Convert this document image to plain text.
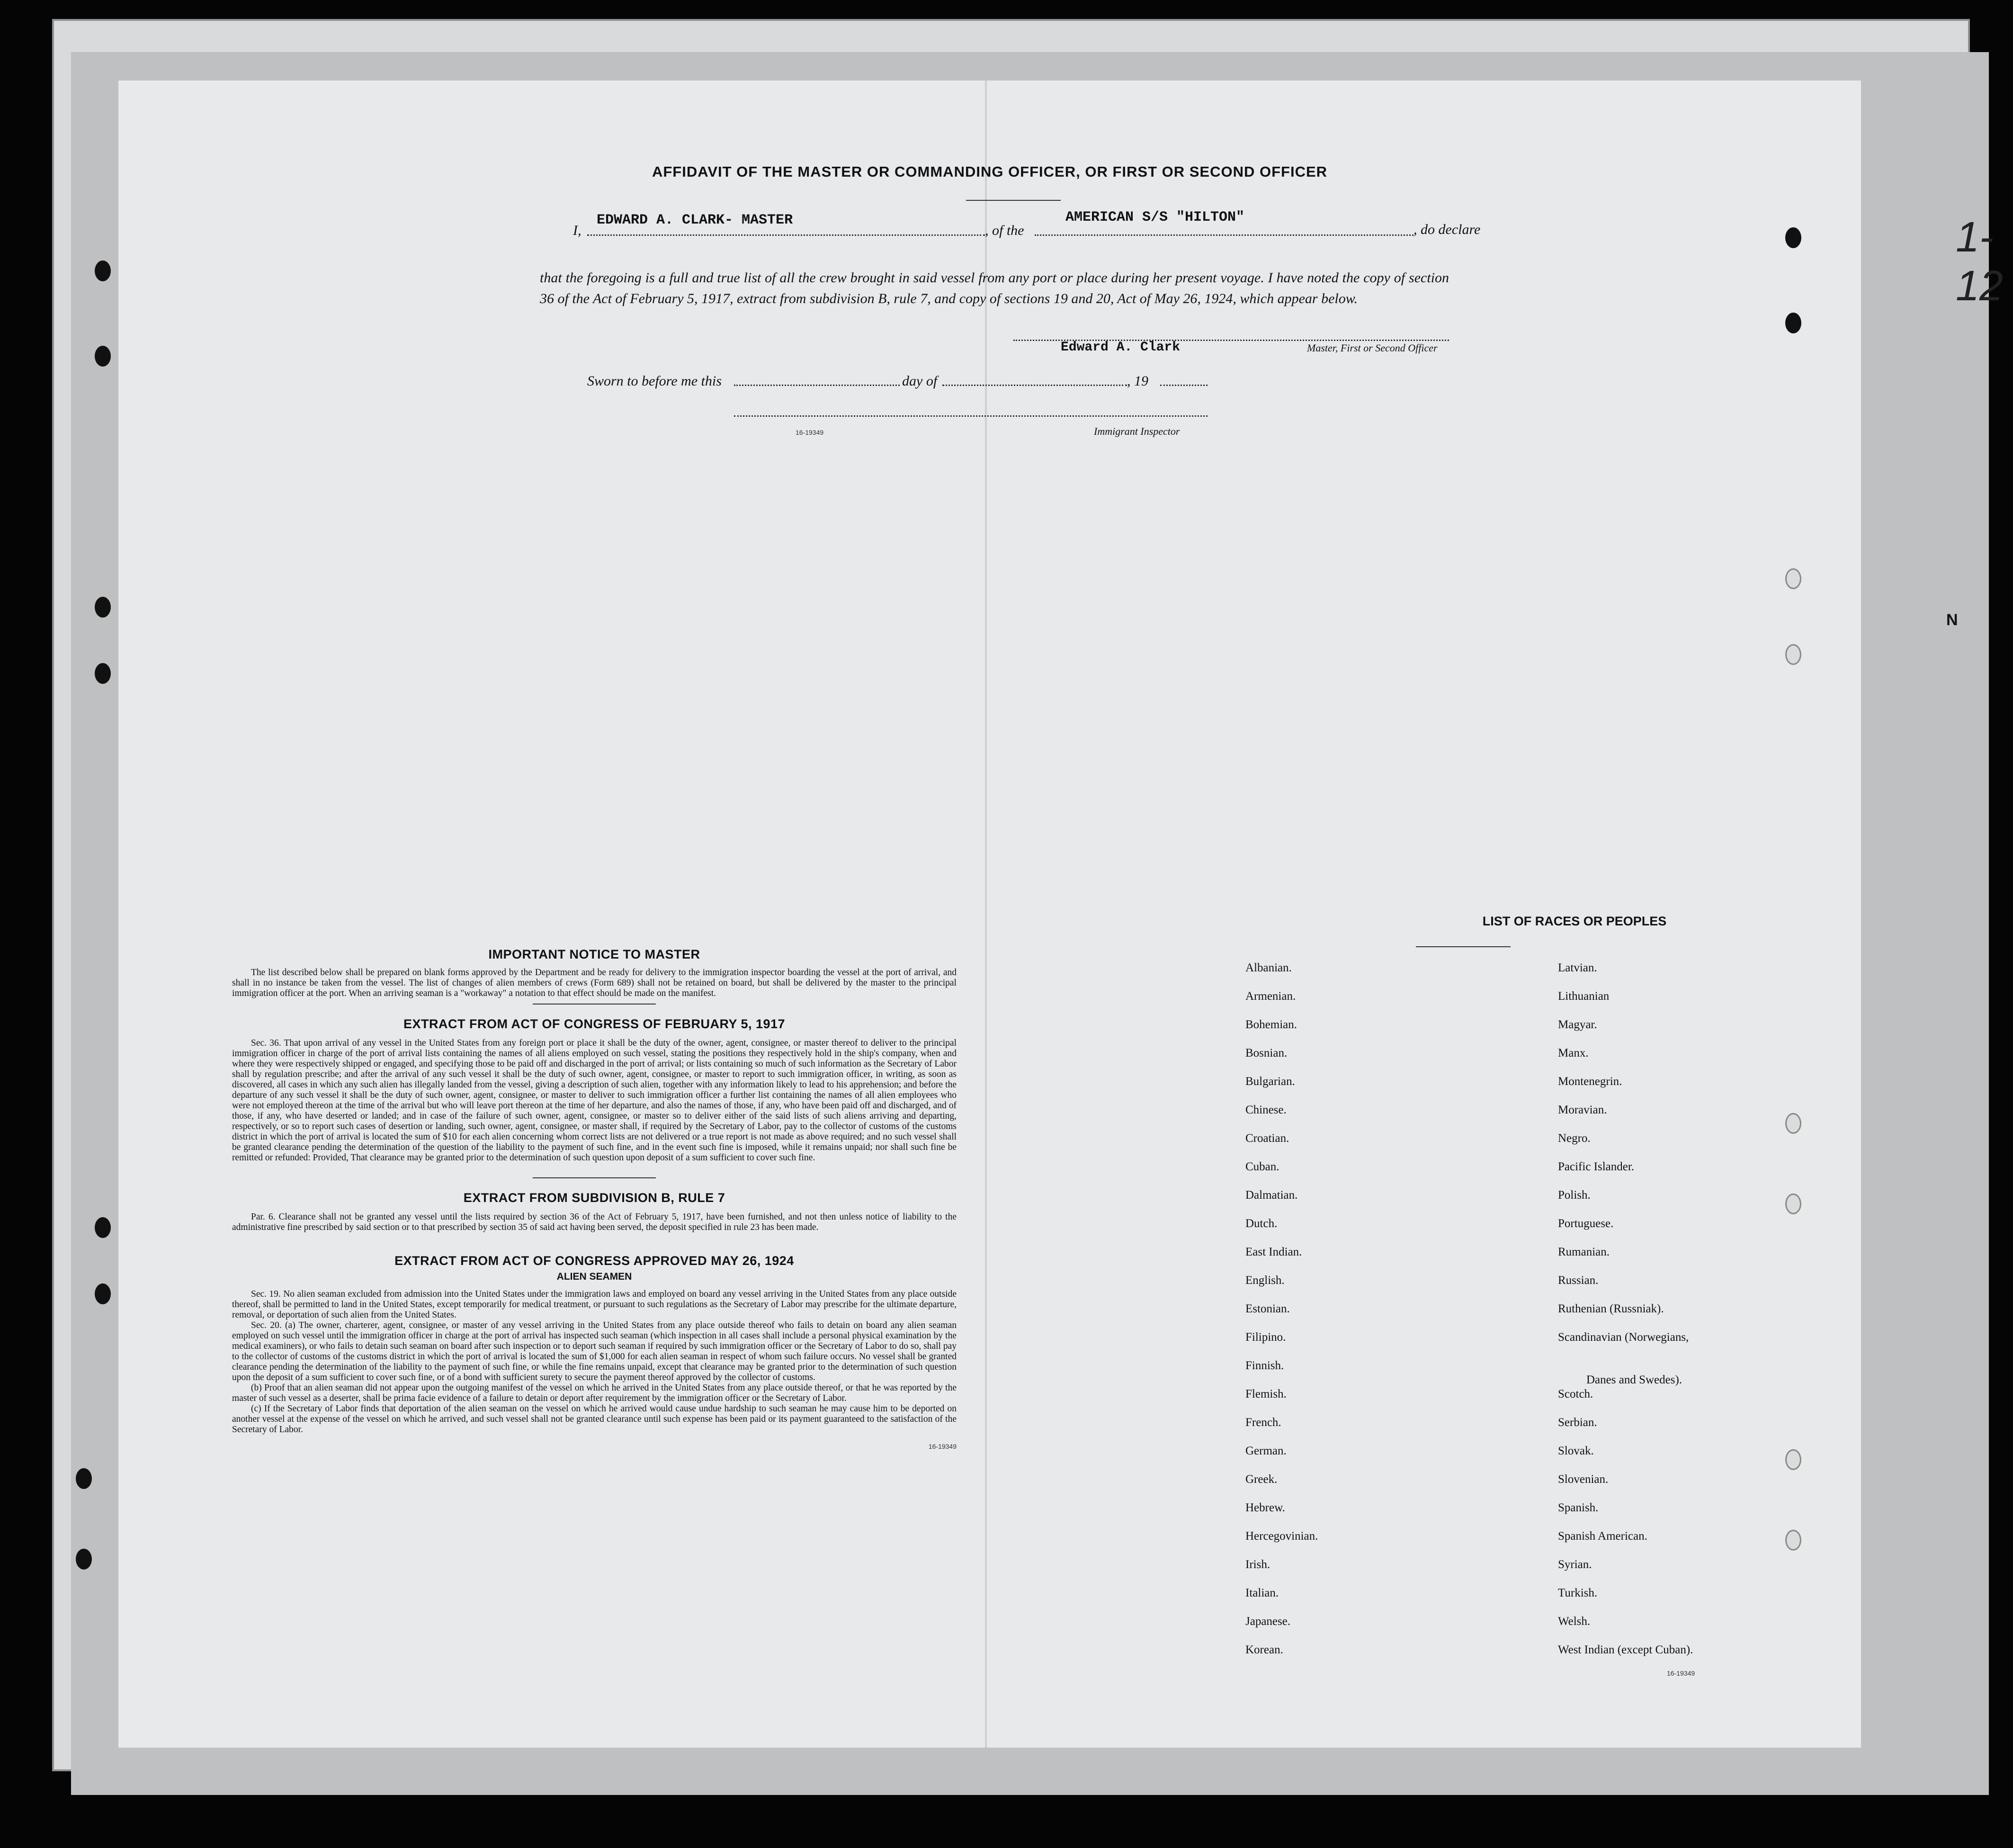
AFFIDAVIT OF THE MASTER OR COMMANDING OFFICER, OR FIRST OR SECOND OFFICER
I,
EDWARD A. CLARK- MASTER
, of the
AMERICAN S/S "HILTON"
, do declare
that the foregoing is a full and true list of all the crew brought in said vessel from any port or place during her present voyage. I have noted the copy of section 36 of the Act of February 5, 1917, extract from subdivision B, rule 7, and copy of sections 19 and 20, Act of May 26, 1924, which appear below.
Edward A. Clark	Master, First or Second Officer
Sworn to before me this	day of	, 19
16-19349	Immigrant Inspector

IMPORTANT NOTICE TO MASTER

The list described below shall be prepared on blank forms approved by the Department and be ready for delivery to the immigration inspector boarding the vessel at the port of arrival, and shall in no instance be taken from the vessel. The list of changes of alien members of crews (Form 689) shall not be retained on board, but shall be delivered by the master to the principal immigration officer at the port. When an arriving seaman is a "workaway" a notation to that effect should be made on the manifest.

EXTRACT FROM ACT OF CONGRESS OF FEBRUARY 5, 1917

Sec. 36. That upon arrival of any vessel in the United States from any foreign port or place it shall be the duty of the owner, agent, consignee, or master thereof to deliver to the principal immigration officer in charge of the port of arrival lists containing the names of all aliens employed on such vessel, stating the positions they respectively hold in the ship's company, when and where they were respectively shipped or engaged, and specifying those to be paid off and discharged in the port of arrival; or lists containing so much of such information as the Secretary of Labor shall by regulation prescribe; and after the arrival of any such vessel it shall be the duty of such owner, agent, consignee, or master to report to such immigration officer, in writing, as soon as discovered, all cases in which any such alien has illegally landed from the vessel, giving a description of such alien, together with any information likely to lead to his apprehension; and before the departure of any such vessel it shall be the duty of such owner, agent, consignee, or master to deliver to such immigration officer a further list containing the names of all alien employees who were not employed thereon at the time of the arrival but who will leave port thereon at the time of her departure, and also the names of those, if any, who have been paid off and discharged, and of those, if any, who have deserted or landed; and in case of the failure of such owner, agent, consignee, or master so to deliver either of the said lists of such aliens arriving and departing, respectively, or so to report such cases of desertion or landing, such owner, agent, consignee, or master shall, if required by the Secretary of Labor, pay to the collector of customs of the customs district in which the port of arrival is located the sum of $10 for each alien concerning whom correct lists are not delivered or a true report is not made as above required; and no such vessel shall be granted clearance pending the determination of the question of the liability to the payment of such fine, and in the event such fine is imposed, while it remains unpaid; nor shall such fine be remitted or refunded: Provided, That clearance may be granted prior to the determination of such question upon deposit of a sum sufficient to cover such fine.

EXTRACT FROM SUBDIVISION B, RULE 7

Par. 6. Clearance shall not be granted any vessel until the lists required by section 36 of the Act of February 5, 1917, have been furnished, and not then unless notice of liability to the administrative fine prescribed by said section or to that prescribed by section 35 of said act having been served, the deposit specified in rule 23 has been made.

EXTRACT FROM ACT OF CONGRESS APPROVED MAY 26, 1924

ALIEN SEAMEN

Sec. 19. No alien seaman excluded from admission into the United States under the immigration laws and employed on board any vessel arriving in the United States from any place outside thereof, shall be permitted to land in the United States, except temporarily for medical treatment, or pursuant to such regulations as the Secretary of Labor may prescribe for the ultimate departure, removal, or deportation of such alien from the United States.

Sec. 20. (a) The owner, charterer, agent, consignee, or master of any vessel arriving in the United States from any place outside thereof who fails to detain on board any alien seaman employed on such vessel until the immigration officer in charge at the port of arrival has inspected such seaman (which inspection in all cases shall include a personal physical examination by the medical examiners), or who fails to detain such seaman on board after such inspection or to deport such seaman if required by such immigration officer or the Secretary of Labor to do so, shall pay to the collector of customs of the customs district in which the port of arrival is located the sum of $1,000 for each alien seaman in respect of whom such failure occurs. No vessel shall be granted clearance pending the determination of the liability to the payment of such fine, or while the fine remains unpaid, except that clearance may be granted prior to the determination of such question upon the deposit of a sum sufficient to cover such fine, or of a bond with sufficient surety to secure the payment thereof approved by the collector of customs.

(b) Proof that an alien seaman did not appear upon the outgoing manifest of the vessel on which he arrived in the United States from any place outside thereof, or that he was reported by the master of such vessel as a deserter, shall be prima facie evidence of a failure to detain or deport after requirement by the immigration officer or the Secretary of Labor.

(c) If the Secretary of Labor finds that deportation of the alien seaman on the vessel on which he arrived would cause undue hardship to such seaman he may cause him to be deported on another vessel at the expense of the vessel on which he arrived, and such vessel shall not be granted clearance until such expense has been paid or its payment guaranteed to the satisfaction of the Secretary of Labor.

16-19349
LIST OF RACES OR PEOPLES
16-19349
1-12
N
Albanian.
Armenian.
Bohemian.
Bosnian.
Bulgarian.
Chinese.
Croatian.
Cuban.
Dalmatian.
Dutch.
East Indian.
English.
Estonian.
Filipino.
Finnish.
Flemish.
French.
German.
Greek.
Hebrew.
Hercegovinian.
Irish.
Italian.
Japanese.
Korean.
Latvian.
Lithuanian
Magyar.
Manx.
Montenegrin.
Moravian.
Negro.
Pacific Islander.
Polish.
Portuguese.
Rumanian.
Russian.
Ruthenian (Russniak).
Scandinavian (Norwegians,
Danes and Swedes).
Scotch.
Serbian.
Slovak.
Slovenian.
Spanish.
Spanish American.
Syrian.
Turkish.
Welsh.
West Indian (except Cuban).
